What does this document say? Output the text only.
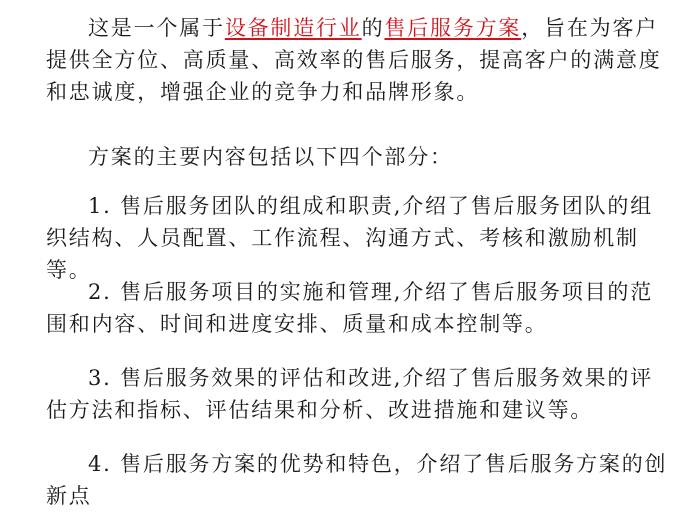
这是一个属于设备制造行业的售后服务方案，旨在为客户提供全方位、高质量、高效率的售后服务，提高客户的满意度和忠诚度，增强企业的竞争力和品牌形象。

方案的主要内容包括以下四个部分：

1. 售后服务团队的组成和职责,介绍了售后服务团队的组织结构、人员配置、工作流程、沟通方式、考核和激励机制等。

2. 售后服务项目的实施和管理,介绍了售后服务项目的范围和内容、时间和进度安排、质量和成本控制等。

3. 售后服务效果的评估和改进,介绍了售后服务效果的评估方法和指标、评估结果和分析、改进措施和建议等。

4. 售后服务方案的优势和特色，介绍了售后服务方案的创新点
